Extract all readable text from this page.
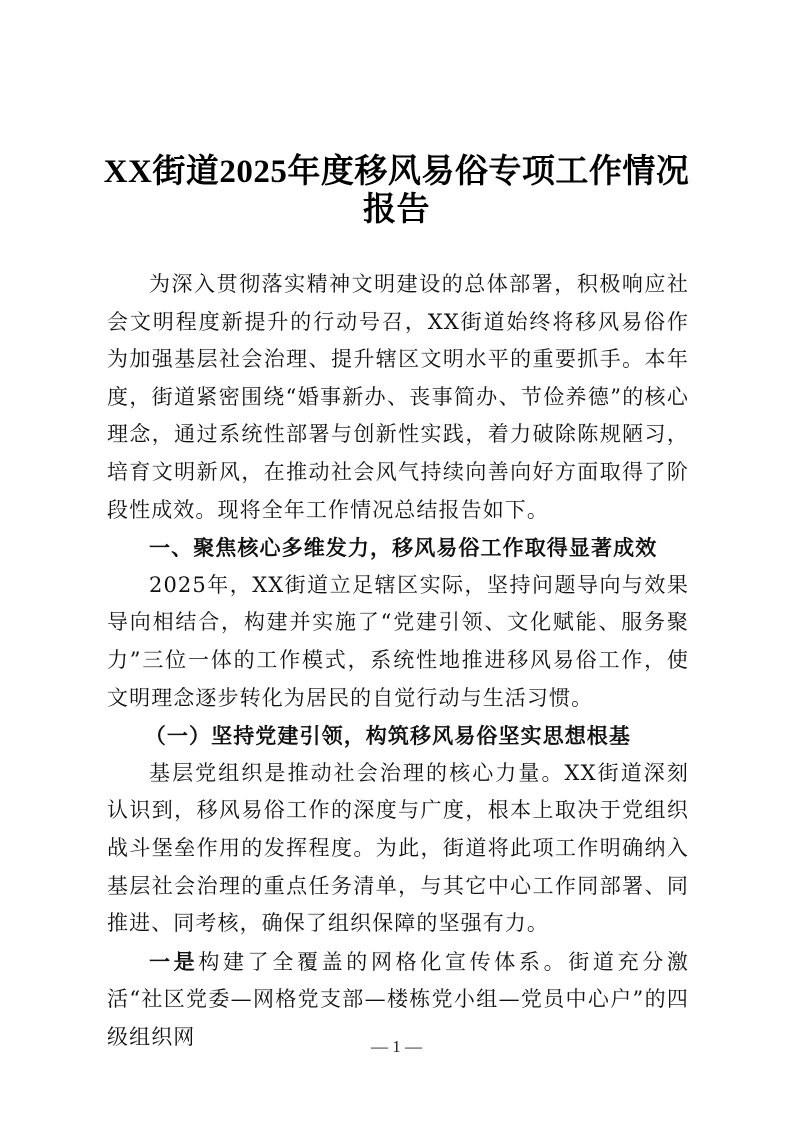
XX街道2025年度移风易俗专项工作情况
报告

为深入贯彻落实精神文明建设的总体部署，积极响应社会文明程度新提升的行动号召，XX街道始终将移风易俗作为加强基层社会治理、提升辖区文明水平的重要抓手。本年度，街道紧密围绕“婚事新办、丧事简办、节俭养德”的核心理念，通过系统性部署与创新性实践，着力破除陈规陋习，培育文明新风，在推动社会风气持续向善向好方面取得了阶段性成效。现将全年工作情况总结报告如下。

一、聚焦核心多维发力，移风易俗工作取得显著成效

2025年，XX街道立足辖区实际，坚持问题导向与效果导向相结合，构建并实施了“党建引领、文化赋能、服务聚力”三位一体的工作模式，系统性地推进移风易俗工作，使文明理念逐步转化为居民的自觉行动与生活习惯。

（一）坚持党建引领，构筑移风易俗坚实思想根基

基层党组织是推动社会治理的核心力量。XX街道深刻认识到，移风易俗工作的深度与广度，根本上取决于党组织战斗堡垒作用的发挥程度。为此，街道将此项工作明确纳入基层社会治理的重点任务清单，与其它中心工作同部署、同推进、同考核，确保了组织保障的坚强有力。

一是构建了全覆盖的网格化宣传体系。街道充分激活“社区党委—网格党支部—楼栋党小组—党员中心户”的四级组织网	— 1 —
